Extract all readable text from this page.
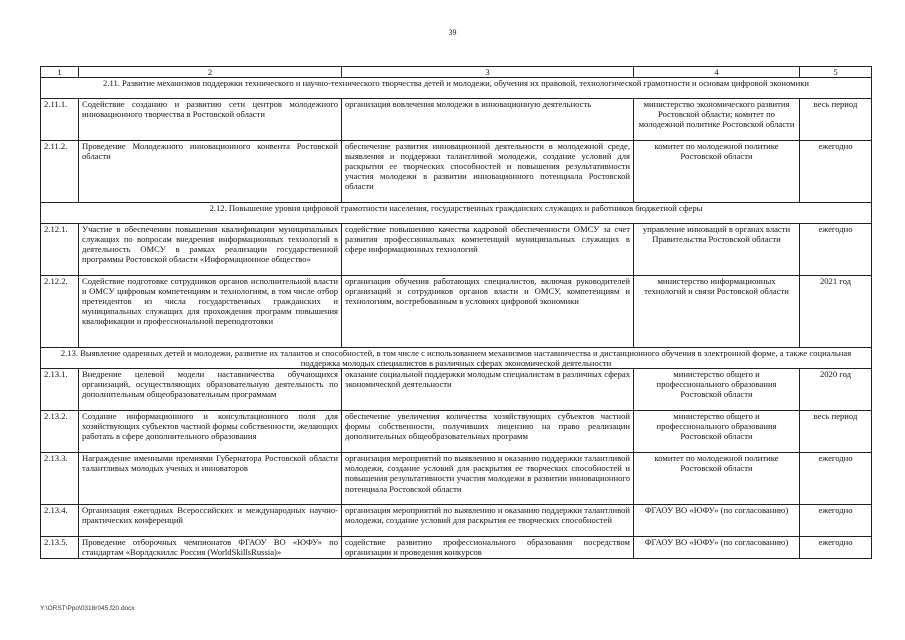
39
1	2	3	4	5
2.11. Развитие механизмов поддержки технического и научно-технического творчества детей и молодежи, обучения их правовой, технологической грамотности и основам цифровой экономики				
2.11.1.	Содействие созданию и развитию сети центров молодежного инновационного творчества в Ростовской области	организация вовлечения молодежи в инновационную деятельность	министерство экономического развития Ростовской области; комитет по молодежной политике Ростовской области	весь период
2.11.2.	Проведение Молодежного инновационного конвента Ростовской области	обеспечение развития инновационной деятельности в молодежной среде, выявления и поддержки талантливой молодежи, создание условий для раскрытия ее творческих способностей и повышения результативности участия молодежи в развитии инновационного потенциала Ростовской области	комитет по молодежной политике Ростовской области	ежегодно
2.12. Повышение уровня цифровой грамотности населения, государственных гражданских служащих и работников бюджетной сферы				
2.12.1.	Участие в обеспечении повышения квалификации муниципальных служащих по вопросам внедрения информационных технологий в деятельность ОМСУ в рамках реализации государственной программы Ростовской области «Информационное общество»	содействие повышению качества кадровой обеспеченности ОМСУ за счет развития профессиональных компетенций муниципальных служащих в сфере информационных технологий	управление инноваций в органах власти Правительства Ростовской области	ежегодно
2.12.2.	Содействие подготовке сотрудников органов исполнительной власти и ОМСУ цифровым компетенциям и технологиям, в том числе отбор претендентов из числа государственных гражданских и муниципальных служащих для прохождения программ повышения квалификации и профессиональной переподготовки	организация обучения работающих специалистов, включая руководителей организаций и сотрудников органов власти и ОМСУ, компетенциям и технологиям, востребованным в условиях цифровой экономики	министерство информационных технологий и связи Ростовской области	2021 год
2.13. Выявление одаренных детей и молодежи, развитие их талантов и способностей, в том числе с использованием механизмов наставничества и дистанционного обучения в электронной форме, а также социальная поддержка молодых специалистов в различных сферах экономической деятельности				
2.13.1.	Внедрение целевой модели наставничества обучающихся организаций, осуществляющих образовательную деятельность по дополнительным общеобразовательным программам	оказание социальной поддержки молодым специалистам в различных сферах экономической деятельности	министерство общего и профессионального образования Ростовской области	2020 год
2.13.2.	Создание информационного и консультационного поля для хозяйствующих субъектов частной формы собственности, желающих работать в сфере дополнительного образования	обеспечение увеличения количества хозяйствующих субъектов частной формы собственности, получивших лицензию на право реализации дополнительных общеобразовательных программ	министерство общего и профессионального образования Ростовской области	весь период
2.13.3.	Награждение именными премиями Губернатора Ростовской области талантливых молодых ученых и инноваторов	организация мероприятий по выявлению и оказанию поддержки талантливой молодежи, создание условий для раскрытия ее творческих способностей и повышения результативности участия молодежи в развитии инновационного потенциала Ростовской области	комитет по молодежной политике Ростовской области	ежегодно
2.13.4.	Организация ежегодных Всероссийских и международных научно-практических конференций	организация мероприятий по выявлению и оказанию поддержки талантливой молодежи, создание условий для раскрытия ее творческих способностей	ФГАОУ ВО «ЮФУ» (по согласованию)	ежегодно
2.13.5.	Проведение отборочных чемпионатов ФГАОУ ВО «ЮФУ» по стандартам «Ворлдскиллс Россия (WorldSkillsRussia)»	содействие развитию профессионального образования посредством организации и проведения конкурсов	ФГАОУ ВО «ЮФУ» (по согласованию)	ежегодно
Y:\ORST\Ppo\0318r045.f20.docx
